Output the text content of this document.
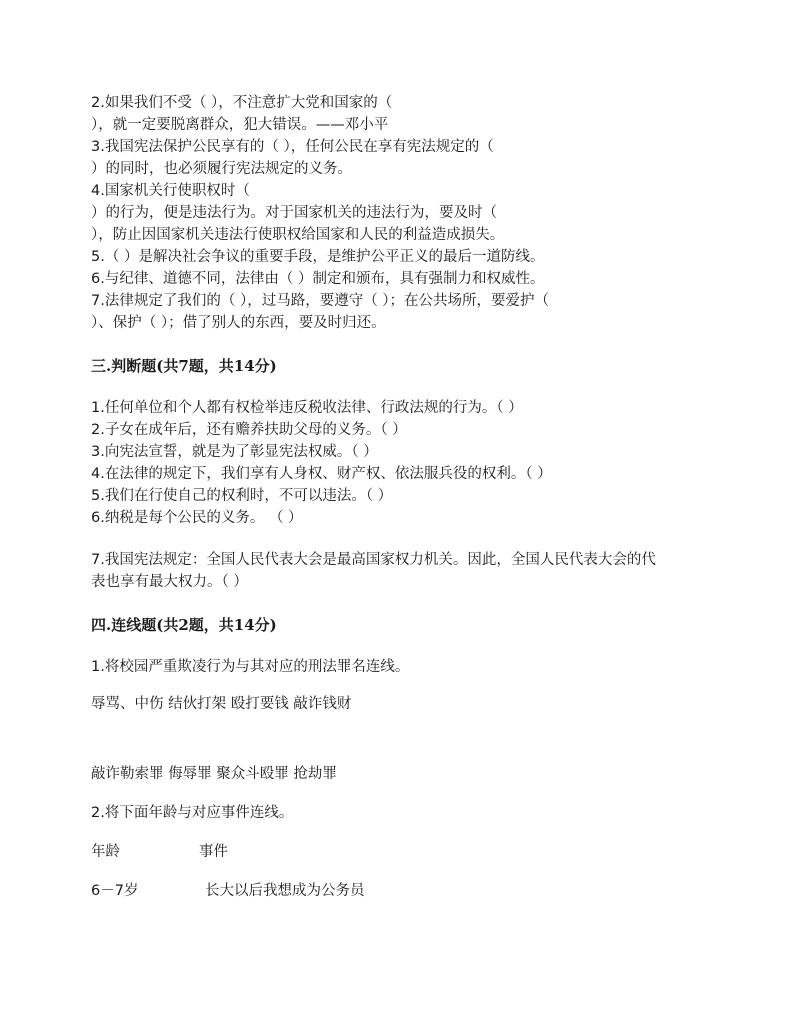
2.如果我们不受（ ），不注意扩大党和国家的（
），就一定要脱离群众，犯大错误。——邓小平
3.我国宪法保护公民享有的（ ），任何公民在享有宪法规定的（
）的同时，也必须履行宪法规定的义务。
4.国家机关行使职权时（
）的行为，便是违法行为。对于国家机关的违法行为，要及时（
），防止因国家机关违法行使职权给国家和人民的利益造成损失。
5.（ ）是解决社会争议的重要手段，是维护公平正义的最后一道防线。
6.与纪律、道德不同，法律由（ ）制定和颁布，具有强制力和权威性。
7.法律规定了我们的（ ），过马路，要遵守（ ）；在公共场所，要爱护（
）、保护（ ）；借了别人的东西，要及时归还。
三.判断题(共7题，共14分)
1.任何单位和个人都有权检举违反税收法律、行政法规的行为。（ ）
2.子女在成年后，还有赡养扶助父母的义务。（ ）
3.向宪法宣誓，就是为了彰显宪法权威。（ ）
4.在法律的规定下，我们享有人身权、财产权、依法服兵役的权利。（ ）
5.我们在行使自己的权利时，不可以违法。（ ）
6.纳税是每个公民的义务。 （ ）
7.我国宪法规定：全国人民代表大会是最高国家权力机关。因此，全国人民代表大会的代
表也享有最大权力。（ ）
四.连线题(共2题，共14分)
1.将校园严重欺凌行为与其对应的刑法罪名连线。
辱骂、中伤 结伙打架 殴打要钱 敲诈钱财
敲诈勒索罪 侮辱罪 聚众斗殴罪 抢劫罪
2.将下面年龄与对应事件连线。
年龄	事件
6－7岁	长大以后我想成为公务员
